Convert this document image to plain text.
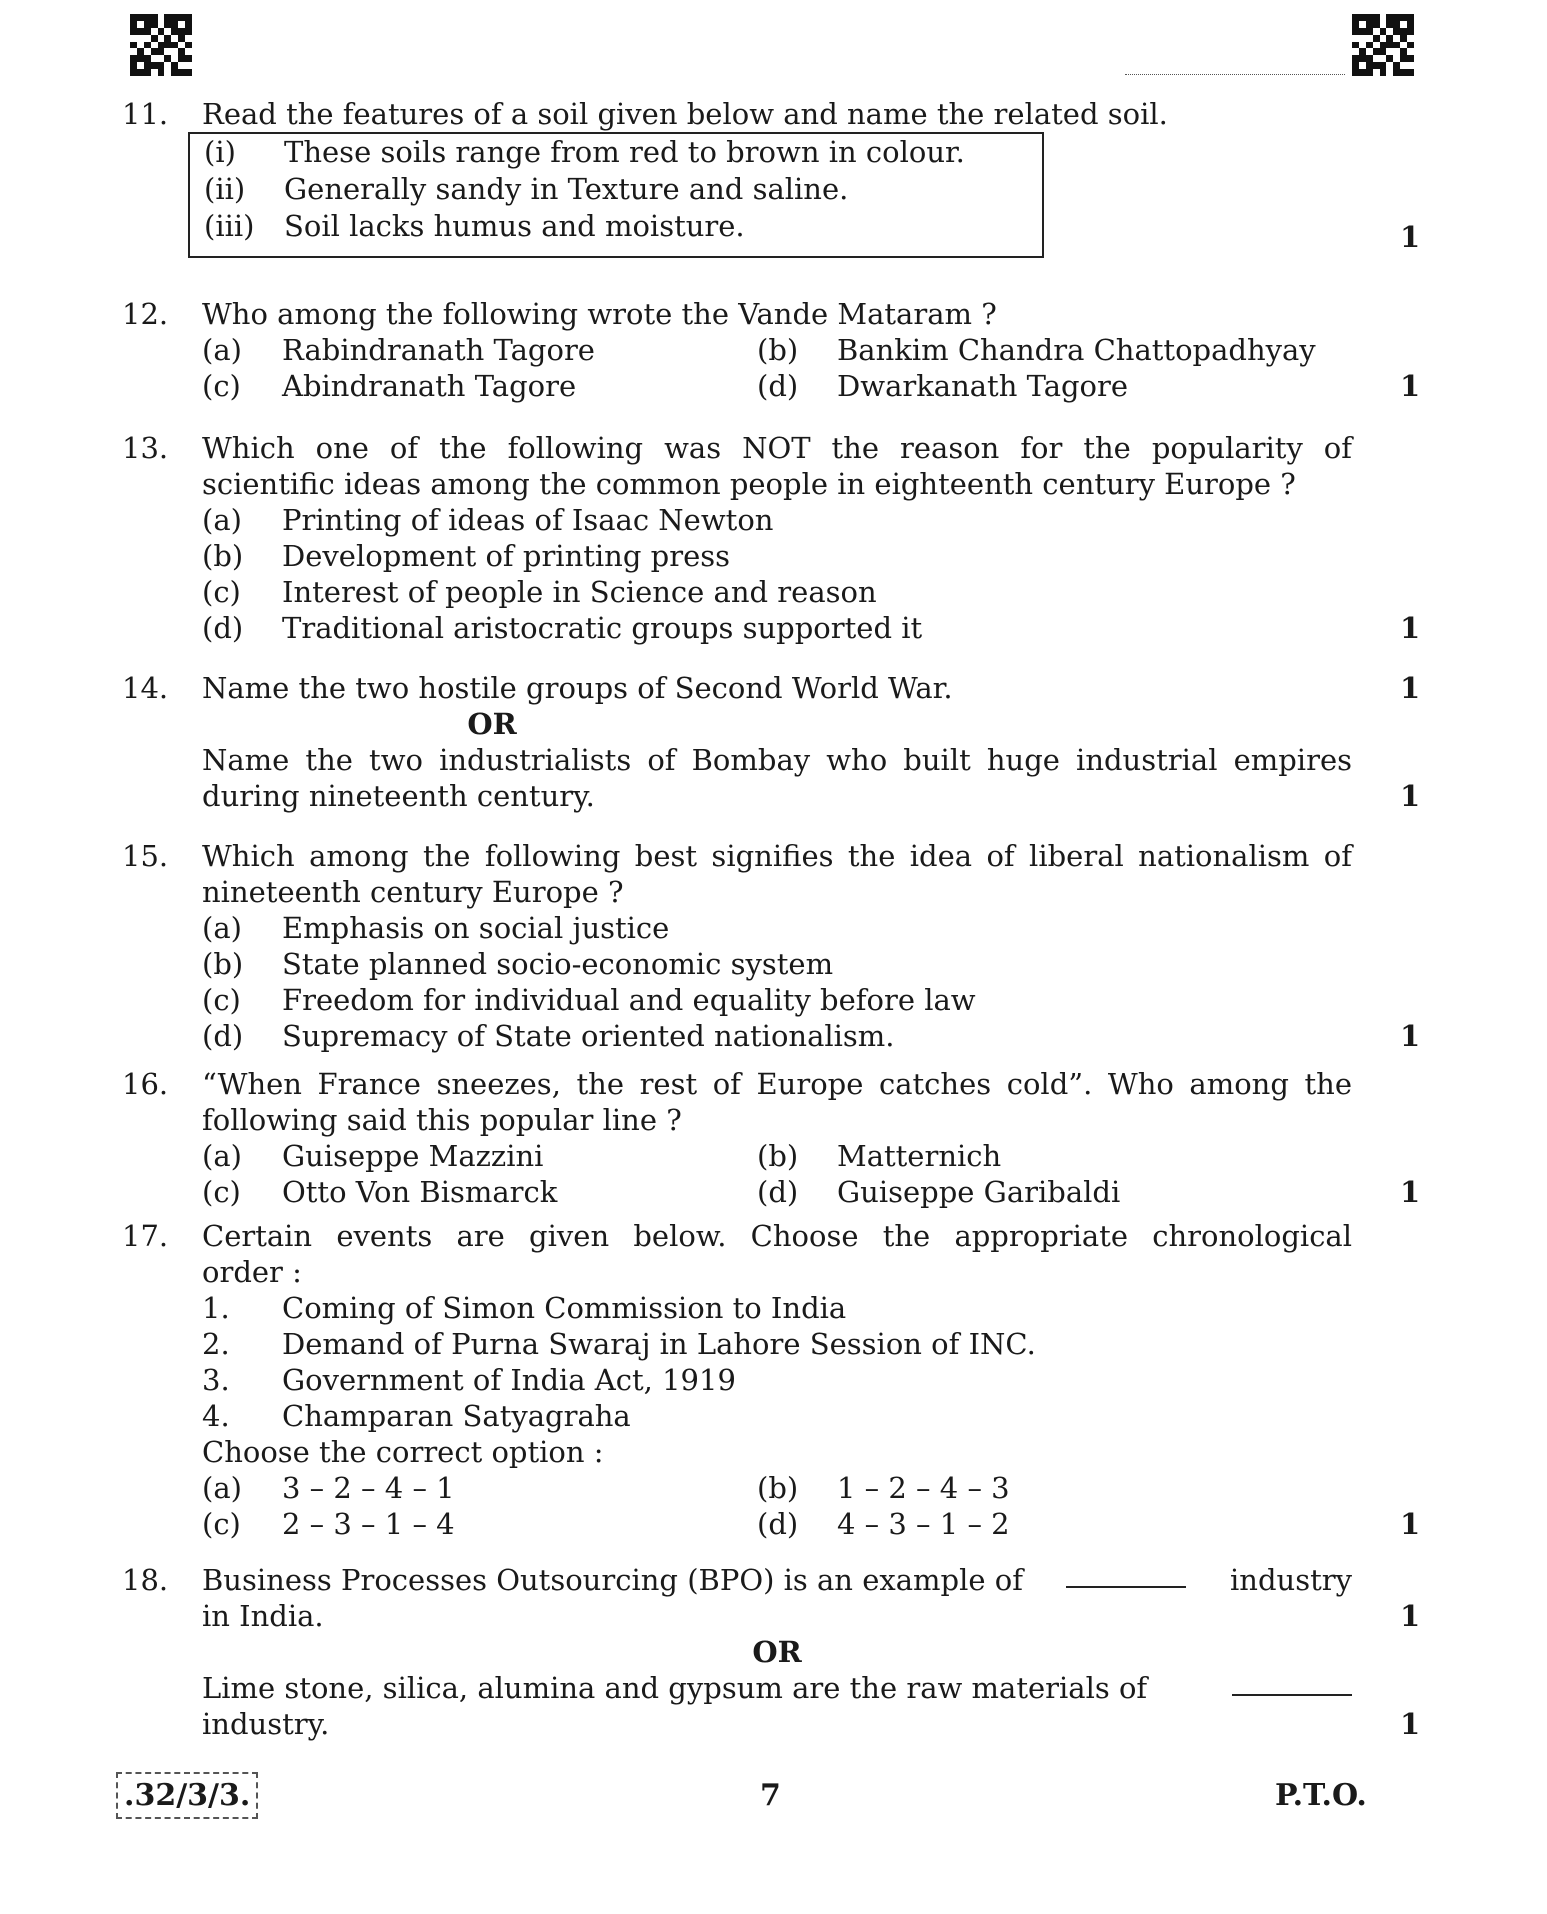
11.	Read the features of a soil given below and name the related soil.
(i) These soils range from red to brown in colour.
(ii) Generally sandy in Texture and saline.
(iii) Soil lacks humus and moisture.	1
12.	Who among the following wrote the Vande Mataram ?
(a) Rabindranath Tagore	(b) Bankim Chandra Chattopadhyay
(c) Abindranath Tagore	(d) Dwarkanath Tagore	1
13.	Which one of the following was NOT the reason for the popularity of
scientific ideas among the common people in eighteenth century Europe ?
(a) Printing of ideas of Isaac Newton
(b) Development of printing press
(c) Interest of people in Science and reason
(d) Traditional aristocratic groups supported it	1
14.	Name the two hostile groups of Second World War.
OR
Name the two industrialists of Bombay who built huge industrial empires
during nineteenth century.
1
1
15.	Which among the following best signifies the idea of liberal nationalism of
nineteenth century Europe ?
(a) Emphasis on social justice
(b) State planned socio-economic system
(c) Freedom for individual and equality before law
(d) Supremacy of State oriented nationalism.	1
16.	“When France sneezes, the rest of Europe catches cold”. Who among the
following said this popular line ?
(a) Guiseppe Mazzini	(b) Matternich
(c) Otto Von Bismarck	(d) Guiseppe Garibaldi	1
17.	Certain events are given below. Choose the appropriate chronological
order :
1. Coming of Simon Commission to India
2. Demand of Purna Swaraj in Lahore Session of INC.
3. Government of India Act, 1919
4. Champaran Satyagraha
Choose the correct option :
(a) 3 – 2 – 4 – 1	(b) 1 – 2 – 4 – 3
(c) 2 – 3 – 1 – 4	(d) 4 – 3 – 1 – 2	1
18.	Business Processes Outsourcing (BPO) is an example of	industry
in India.
OR
Lime stone, silica, alumina and gypsum are the raw materials of
industry.
1
1
.32/3/3.	7	P.T.O.
